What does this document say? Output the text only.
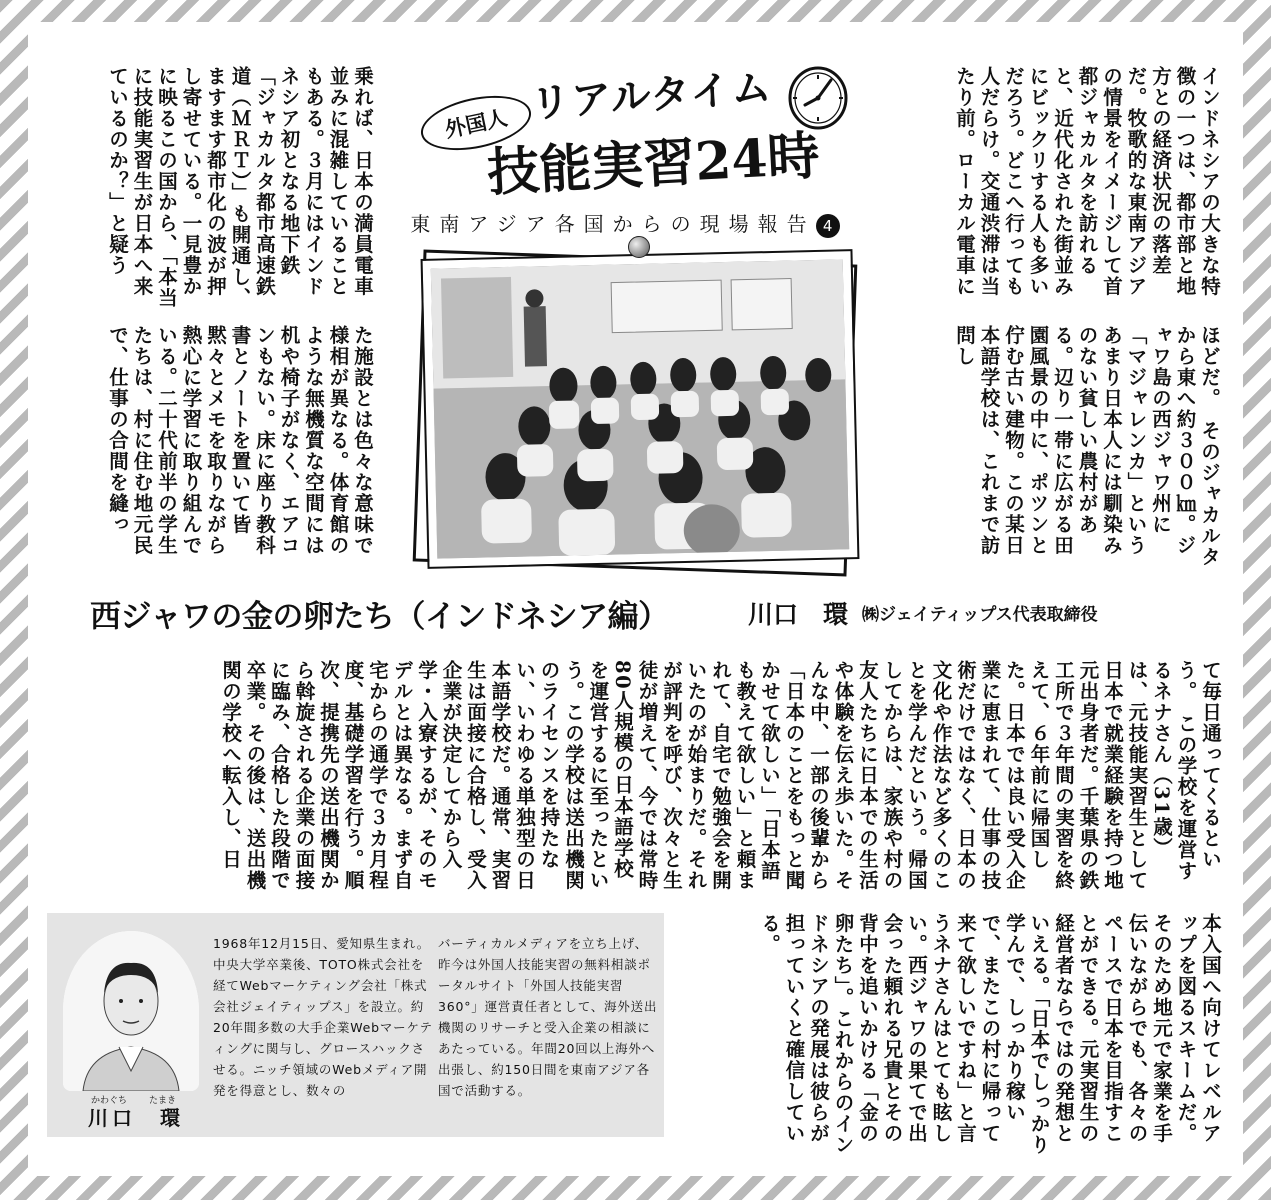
乗れば、日本の満員電車並みに混雑していることもある。３月にはインドネシア初となる地下鉄「ジャカルタ都市高速鉄道（ＭＲＴ）」も開通し、ますます都市化の波が押し寄せている。一見豊かに映るこの国から、「本当に技能実習生が日本へ来ているのか？」と疑う

た施設とは色々な意味で様相が異なる。体育館のような無機質な空間には机や椅子がなく、エアコンもない。床に座り教科書とノートを置いて皆黙々とメモを取りながら熱心に学習に取り組んでいる。二十代前半の学生たちは、村に住む地元民で、仕事の合間を縫っ

外国人 リアルタイム
技能実習24時
東南アジア各国からの現場報告 4	インドネシアの大きな特徴の一つは、都市部と地方との経済状況の落差だ。牧歌的な東南アジアの情景をイメージして首都ジャカルタを訪れると、近代化された街並みにビックリする人も多いだろう。どこへ行っても人だらけ。交通渋滞は当たり前。ローカル電車に

ほどだ。　そのジャカルタから東へ約３００㎞。ジャワ島の西ジャワ州に「マジャレンカ」というあまり日本人には馴染みのない貧しい農村がある。辺り一帯に広がる田園風景の中に、ポツンと佇む古い建物。この某日本語学校は、これまで訪問し

西ジャワの金の卵たち（インドネシア編）	川口　環 ㈱ジェイティップス代表取締役

て毎日通ってくるという。　この学校を運営するネナさん（31歳）は、元技能実習生として日本で就業経験を持つ地元出身者だ。千葉県の鉄工所で３年間の実習を終えて、６年前に帰国した。日本では良い受入企業に恵まれて、仕事の技術だけではなく、日本の文化や作法など多くのことを学んだという。帰国してからは、家族や村の友人たちに日本での生活や体験を伝え歩いた。そんな中、一部の後輩から「日本のことをもっと聞かせて欲しい」「日本語も教えて欲しい」と頼まれて、自宅で勉強会を開いたのが始まりだ。それが評判を呼び、次々と生徒が増えて、今では常時80人規模の日本語学校を運営するに至ったという。この学校は送出機関のライセンスを持たない、いわゆる単独型の日本語学校だ。通常、実習生は面接に合格し、受入企業が決定してから入学・入寮するが、そのモデルとは異なる。まず自宅からの通学で３カ月程度、基礎学習を行う。順次、提携先の送出機関から斡旋される企業の面接に臨み、合格した段階で卒業。その後は、送出機関の学校へ転入し、日

本入国へ向けてレベルアップを図るスキームだ。　そのため地元で家業を手伝いながらでも、各々のペースで日本を目指すことができる。元実習生の経営者ならではの発想といえる。「日本でしっかり学んで、しっかり稼いで、またこの村に帰って来て欲しいですね」と言うネナさんはとても眩しい。西ジャワの果てで出会った頼れる兄貴とその背中を追いかける「金の卵たち」。これからのインドネシアの発展は彼らが担っていくと確信している。

かわぐち たまき
川口　環
1968年12月15日、愛知県生まれ。中央大学卒業後、TOTO株式会社を経てWebマーケティング会社「株式会社ジェイティップス」を設立。約20年間多数の大手企業Webマーケティングに関与し、グロースハックさせる。ニッチ領域のWebメディア開発を得意とし、数々の
バーティカルメディアを立ち上げ、昨今は外国人技能実習の無料相談ポータルサイト「外国人技能実習360°」運営責任者として、海外送出機関のリサーチと受入企業の相談にあたっている。年間20回以上海外へ出張し、約150日間を東南アジア各国で活動する。
